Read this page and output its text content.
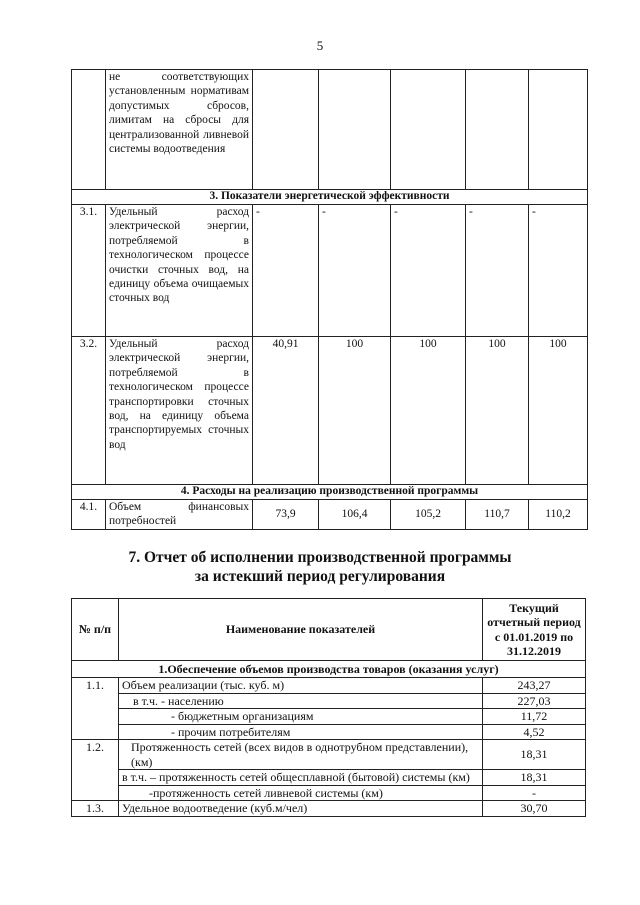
5
	не соответствующих установленным нормативам допустимых сбросов, лимитам на сбросы для централизованной ливневой системы водоотведения					
3. Показатели энергетической эффективности						
3.1.	Удельный расход электрической энергии, потребляемой в технологическом процессе очистки сточных вод, на единицу объема очищаемых сточных вод	-	-	-	-	-
3.2.	Удельный расход электрической энергии, потребляемой в технологическом процессе транспортировки сточных вод, на единицу объема транспортируемых сточных вод	40,91	100	100	100	100
4. Расходы на реализацию производственной программы						
4.1.	Объем финансовых потребностей	73,9	106,4	105,2	110,7	110,2
7. Отчет об исполнении производственной программы
за истекший период регулирования
№ п/п	Наименование показателей	Текущий отчетный период с 01.01.2019 по 31.12.2019
1.Обеспечение объемов производства товаров (оказания услуг)		
1.1.	Объем реализации (тыс. куб. м)	243,27
	в т.ч. - населению	227,03
	- бюджетным организациям	11,72
	- прочим потребителям	4,52
1.2.	Протяженность сетей (всех видов в однотрубном представлении), (км)	18,31
	в т.ч. – протяженность сетей общесплавной (бытовой) системы (км)	18,31
	-протяженность сетей ливневой системы (км)	-
1.3.	Удельное водоотведение (куб.м/чел)	30,70
